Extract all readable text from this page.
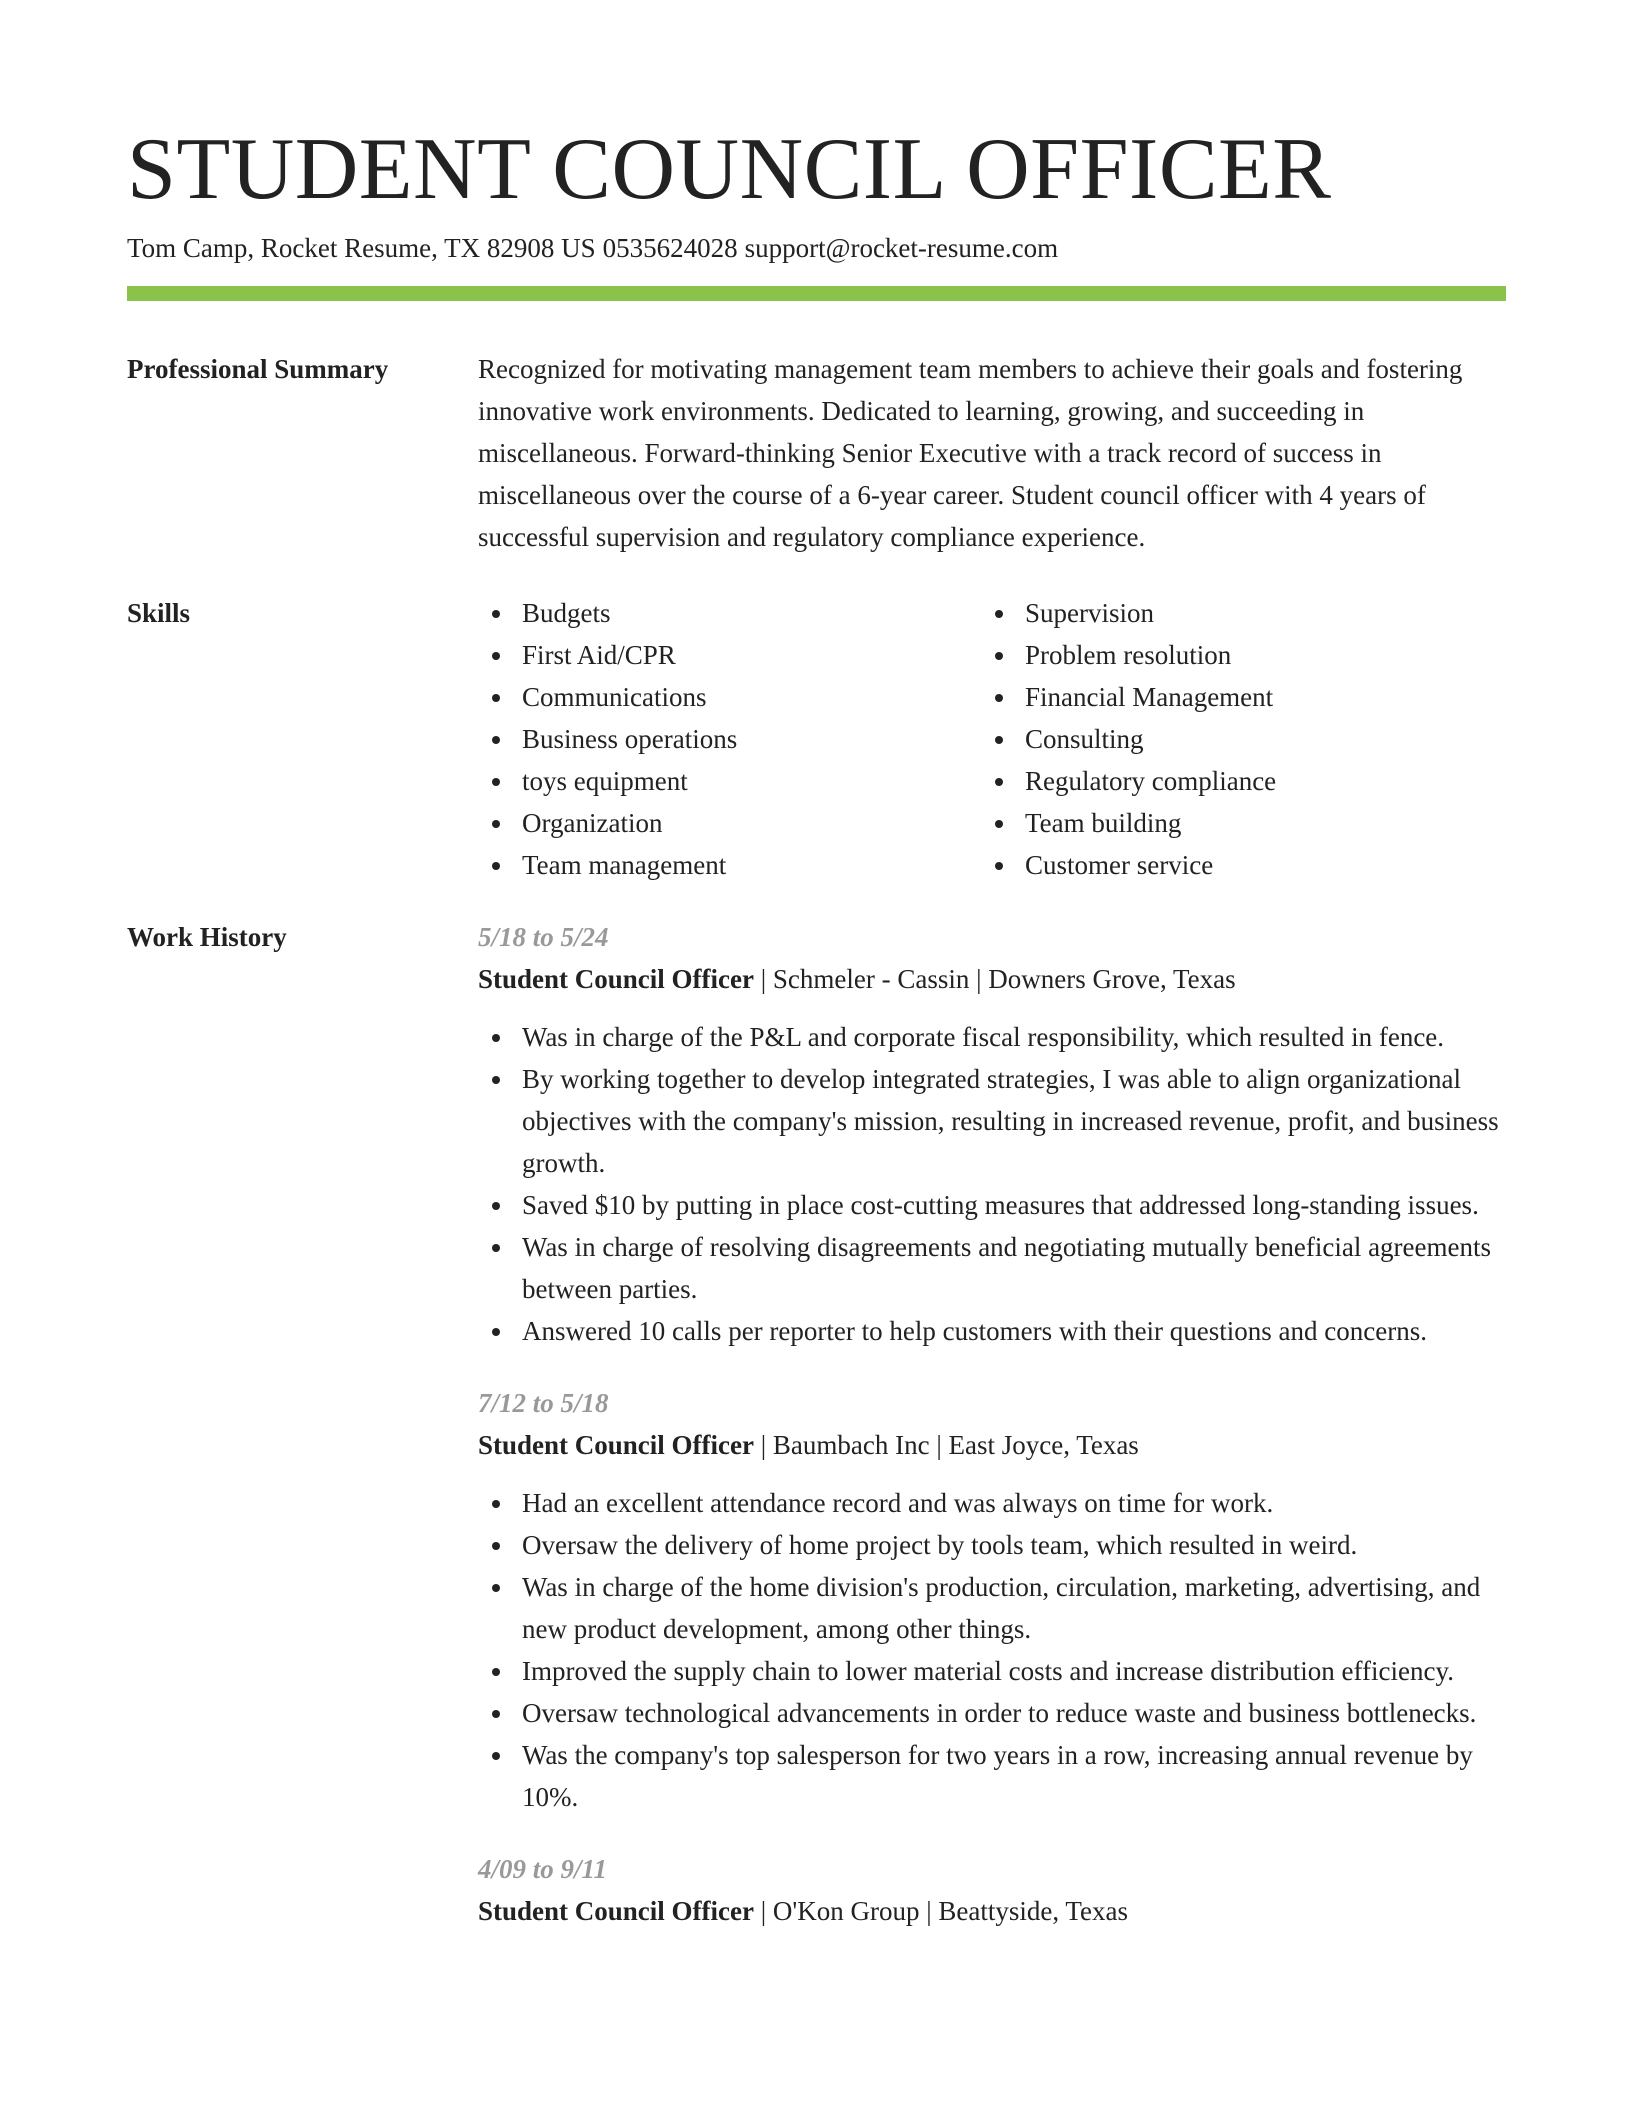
STUDENT COUNCIL OFFICER
Tom Camp, Rocket Resume, TX 82908 US 0535624028 support@rocket-resume.com
Professional Summary	Recognized for motivating management team members to achieve their goals and fostering innovative work environments. Dedicated to learning, growing, and succeeding in miscellaneous. Forward-thinking Senior Executive with a track record of success in miscellaneous over the course of a 6-year career. Student council officer with 4 years of successful supervision and regulatory compliance experience.
Skills	Budgets
First Aid/CPR
Communications
Business operations
toys equipment
Organization
Team management
Supervision
Problem resolution
Financial Management
Consulting
Regulatory compliance
Team building
Customer service
Work History	5/18 to 5/24
Student Council Officer | Schmeler - Cassin | Downers Grove, Texas
Was in charge of the P&L and corporate fiscal responsibility, which resulted in fence.
By working together to develop integrated strategies, I was able to align organizational objectives with the company's mission, resulting in increased revenue, profit, and business growth.
Saved $10 by putting in place cost-cutting measures that addressed long-standing issues.
Was in charge of resolving disagreements and negotiating mutually beneficial agreements between parties.
Answered 10 calls per reporter to help customers with their questions and concerns.
7/12 to 5/18
Student Council Officer | Baumbach Inc | East Joyce, Texas
Had an excellent attendance record and was always on time for work.
Oversaw the delivery of home project by tools team, which resulted in weird.
Was in charge of the home division's production, circulation, marketing, advertising, and new product development, among other things.
Improved the supply chain to lower material costs and increase distribution efficiency.
Oversaw technological advancements in order to reduce waste and business bottlenecks.
Was the company's top salesperson for two years in a row, increasing annual revenue by 10%.
4/09 to 9/11
Student Council Officer | O'Kon Group | Beattyside, Texas
